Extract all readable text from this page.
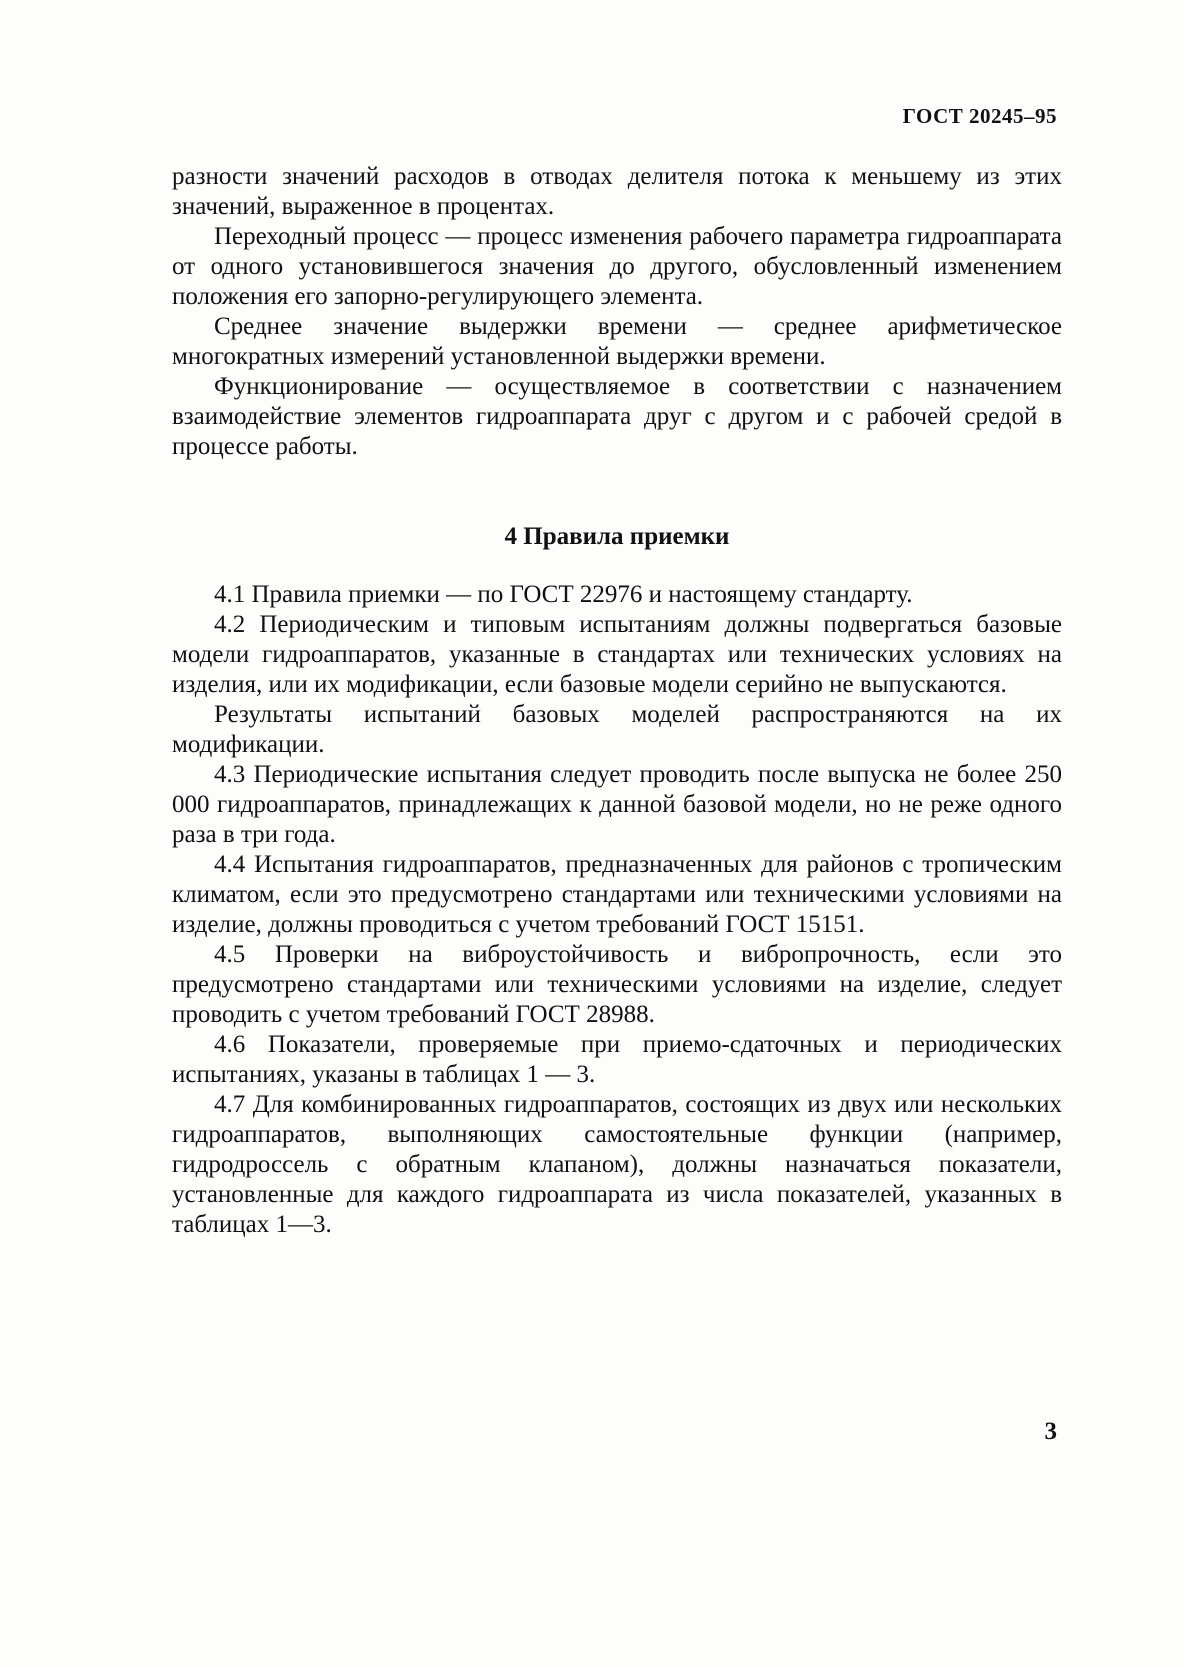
ГОСТ 20245–95

разности значений расходов в отводах делителя потока к меньшему из этих значений, выраженное в процентах.

Переходный процесс — процесс изменения рабочего параметра гидроаппарата от одного установившегося значения до другого, обусловленный изменением положения его запорно-регулирующего элемента.

Среднее значение выдержки времени — среднее арифметическое многократных измерений установленной выдержки времени.

Функционирование — осуществляемое в соответствии с назначением взаимодействие элементов гидроаппарата друг с другом и с рабочей средой в процессе работы.

4 Правила приемки

4.1 Правила приемки — по ГОСТ 22976 и настоящему стандарту.

4.2 Периодическим и типовым испытаниям должны подвергаться базовые модели гидроаппаратов, указанные в стандартах или технических условиях на изделия, или их модификации, если базовые модели серийно не выпускаются.

Результаты испытаний базовых моделей распространяются на их модификации.

4.3 Периодические испытания следует проводить после выпуска не более 250 000 гидроаппаратов, принадлежащих к данной базовой модели, но не реже одного раза в три года.

4.4 Испытания гидроаппаратов, предназначенных для районов с тропическим климатом, если это предусмотрено стандартами или техническими условиями на изделие, должны проводиться с учетом требований ГОСТ 15151.

4.5 Проверки на виброустойчивость и вибропрочность, если это предусмотрено стандартами или техническими условиями на изделие, следует проводить с учетом требований ГОСТ 28988.

4.6 Показатели, проверяемые при приемо-сдаточных и периодических испытаниях, указаны в таблицах 1 — 3.

4.7 Для комбинированных гидроаппаратов, состоящих из двух или нескольких гидроаппаратов, выполняющих самостоятельные функции (например, гидродроссель с обратным клапаном), должны назначаться показатели, установленные для каждого гидроаппарата из числа показателей, указанных в таблицах 1—3.

3
